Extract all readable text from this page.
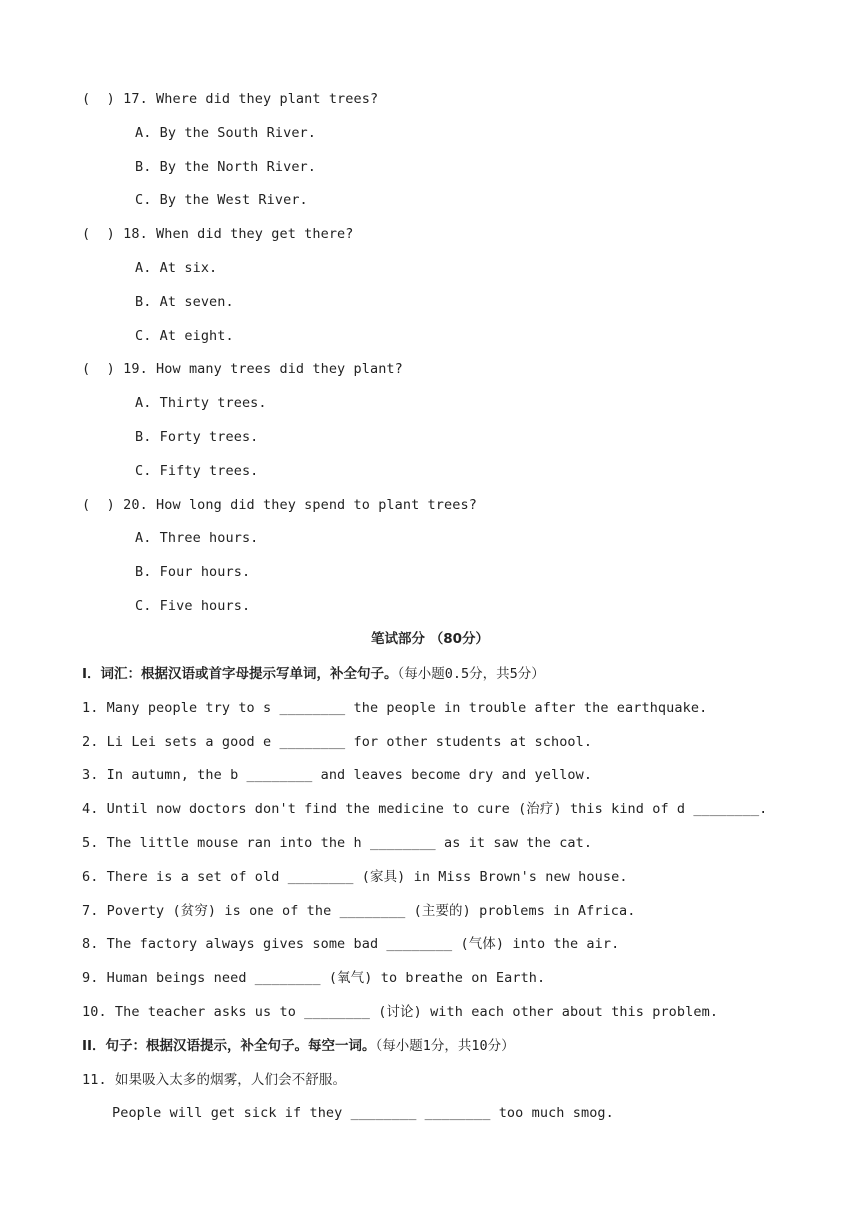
(  ) 17. Where did they plant trees?
A. By the South River.
B. By the North River.
C. By the West River.
(  ) 18. When did they get there?
A. At six.
B. At seven.
C. At eight.
(  ) 19. How many trees did they plant?
A. Thirty trees.
B. Forty trees.
C. Fifty trees.
(  ) 20. How long did they spend to plant trees?
A. Three hours.
B. Four hours.
C. Five hours.
笔试部分 （80分）
I．词汇：根据汉语或首字母提示写单词，补全句子。（每小题0.5分，共5分）
1. Many people try to s ________ the people in trouble after the earthquake.
2. Li Lei sets a good e ________ for other students at school.
3. In autumn, the b ________ and leaves become dry and yellow.
4. Until now doctors don't find the medicine to cure (治疗) this kind of d ________.
5. The little mouse ran into the h ________ as it saw the cat.
6. There is a set of old ________ (家具) in Miss Brown's new house.
7. Poverty (贫穷) is one of the ________ (主要的) problems in Africa.
8. The factory always gives some bad ________ (气体) into the air.
9. Human beings need ________ (氧气) to breathe on Earth.
10. The teacher asks us to ________ (讨论) with each other about this problem.
II．句子：根据汉语提示，补全句子。每空一词。（每小题1分，共10分）
11. 如果吸入太多的烟雾，人们会不舒服。
People will get sick if they ________ ________ too much smog.
